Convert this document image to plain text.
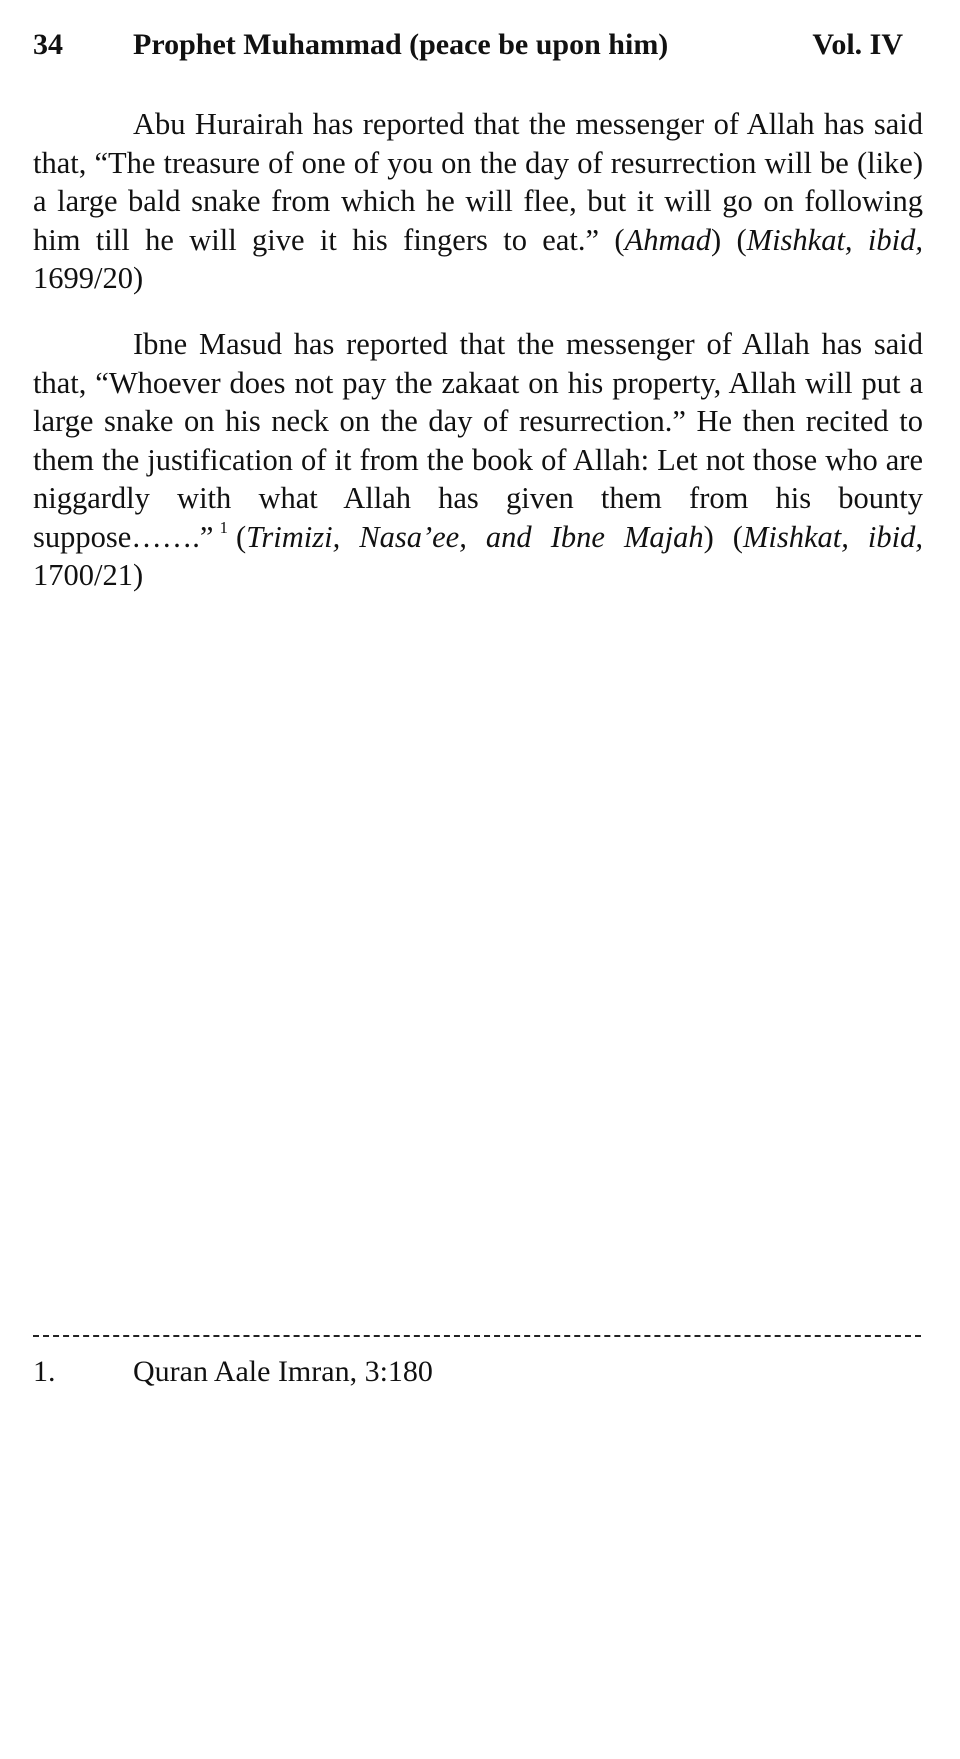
34 Prophet Muhammad (peace be upon him)	Vol. IV

Abu Hurairah has reported that the messenger of Allah has said that, “The treasure of one of you on the day of resurrection will be (like) a large bald snake from which he will flee, but it will go on following him till he will give it his fingers to eat.” (Ahmad) (Mishkat, ibid, 1699/20)

Ibne Masud has reported that the messenger of Allah has said that, “Whoever does not pay the zakaat on his property, Allah will put a large snake on his neck on the day of resurrection.” He then recited to them the justification of it from the book of Allah: Let not those who are niggardly with what Allah has given them from his bounty suppose…….” $^1$ (Trimizi, Nasa’ee, and Ibne Majah) (Mishkat, ibid, 1700/21)

1.	Quran Aale Imran, 3:180
